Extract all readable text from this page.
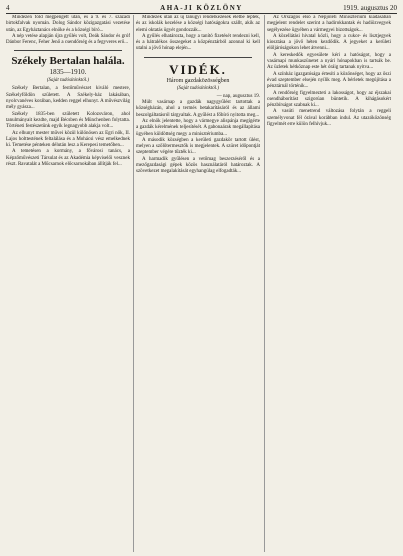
4	AHA-JI KÖZLÖNY	1919. augusztus 20

Mindezen föld megpengett után, és a 9. és 7. századi birtokfalvak nyomán. Dolog Sándor közigazgatási vezetése után, az Egyháztanács elnöke és a községi bíró...

A nép vetése alapján újra gyűlés volt, Deák Sándor és gróf Dánbor Ferenc, Feher Jenő a csendőrség és a fegyveres erő...

Székely Bertalan halála.

1835—1910.

(Saját tudósítónktól.)

Székely Bertalan, a festőművészet kiváló mestere, Székelyföldön született. A Székely-ház lakásában, nyolcvanéves korában, kedden reggel elhunyt. A művészvilág mély gyásza...

Székely 1835-ben született Kolozsváron, ahol tanulmányait kezdte, majd Bécsben és Münchenben folytatta. Történeti festészetünk egyik legnagyobb alakja volt...

Az elhunyt mester művei közül különösen az Egri nők, II. Lajos holttestének feltalálása és a Mohácsi vész emelkednek ki. Temetése pénteken délután lesz a Kerepesi temetőben...

A temetésen a kormány, a fővárosi tanács, a Képzőművészeti Társulat és az Akadémia képviselői vesznek részt. Ravatalát a Műcsarnok előcsarnokában állítják fel...

Mindezek után az új tanügyi rendelkezések életbe léptek, és az iskolák kezelése a községi hatóságokra szállt, akik az elemi oktatás ügyét gondozzák...

A gyűlés elhatározta, hogy a tanító fizetését rendezni kell, és a hátralékos összegeket a közpénztárból azonnal ki kell utalni a jövő hónap elején...

VIDÉK.

Három gazdaközösségben

(Saját tudósítónktól.)

— nap, augusztus 19.

Múlt vasárnap a gazdák nagygyűlést tartottak a községházán, ahol a termés betakarításáról és az állami beszolgáltatásról tárgyaltak. A gyűlést a főbíró nyitotta meg...

Az elnök jelentette, hogy a vármegye alispánja megígérte a gazdák kérelmének teljesítését. A gabonaárak megállapítása ügyében küldöttség megy a minisztériumba...

A második községben a kerületi gazdakör tartott ülést, melyen a szőlőtermesztők is megjelentek. A szüret időpontját szeptember végére tűzték ki...

A harmadik gyűlésen a vetőmag beszerzéséről és a mezőgazdasági gépek közös használatáról határoztak. A szövetkezet megalakítását egyhangúlag elfogadták...

Az Országos első a Népjóléti Minisztérium kiadásában megjelent rendelet szerint a hadirokkantak és hadiözvegyek segélyezése ügyében a vármegyei bizottságok...

A közellátási hivatal közli, hogy a cukor- és lisztjegyek kiosztása a jövő héten kezdődik. A jegyeket a kerületi elöljáróságokon lehet átvenni...

A kereskedők egyesülete kéri a hatóságot, hogy a vasárnapi munkaszünetet a nyári hónapokban is tartsák be. Az üzletek hétköznap este hét óráig tartanak nyitva...

A színház igazgatósága értesíti a közönséget, hogy az őszi évad szeptember elsején nyílik meg. A bérletek megújítása a pénztárnál történik...

A rendőrség figyelmezteti a lakosságot, hogy az éjszakai csendháborítást szigorúan büntetik. A kihágásokért pénzbírságot szabnak ki...

A vasúti menetrend változása folytán a reggeli személyvonat fél órával korábban indul. Az utazóközönség figyelmét erre külön felhívjuk...
